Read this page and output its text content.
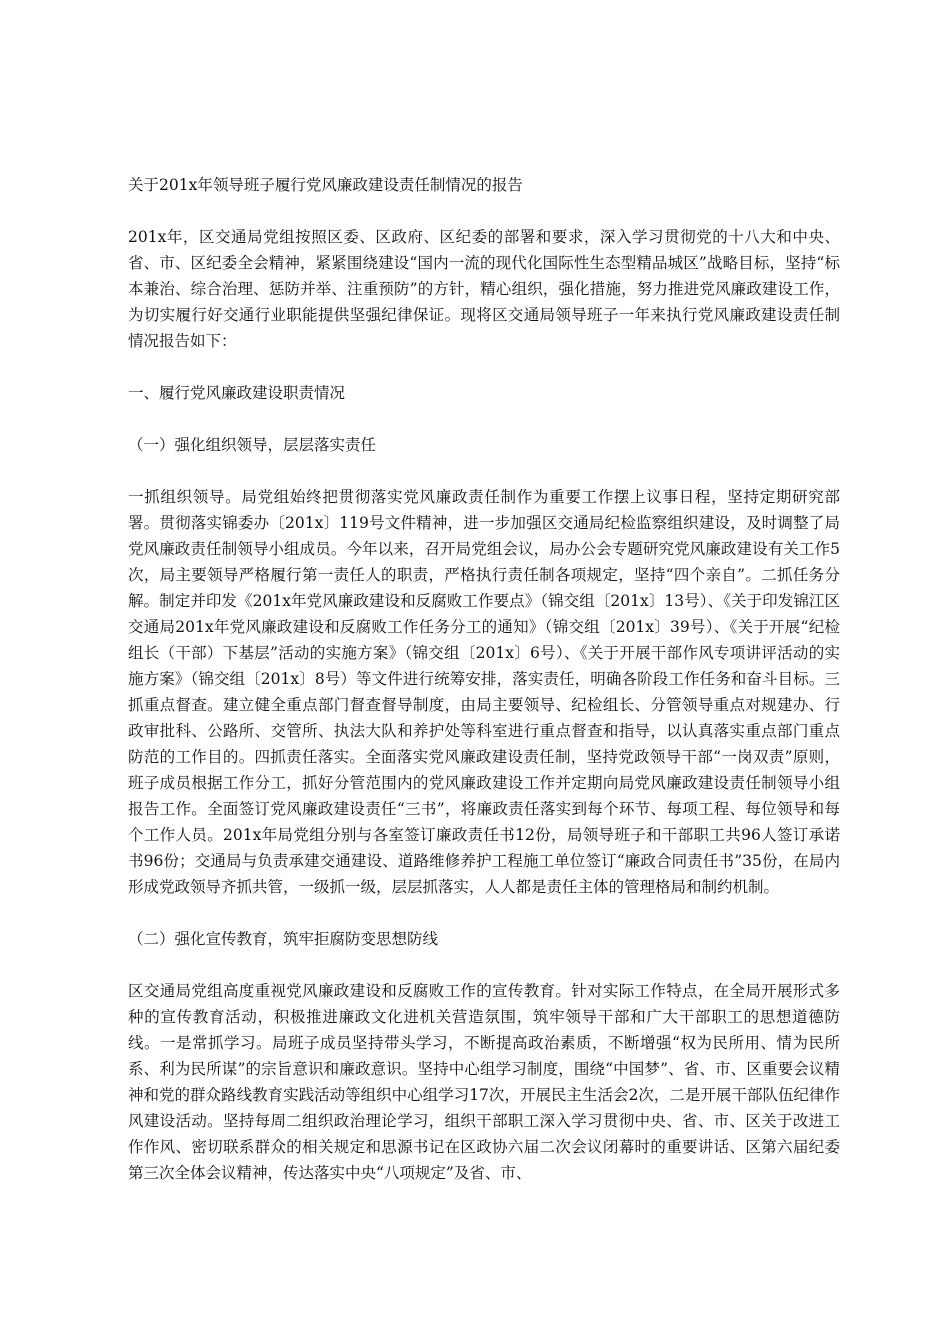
关于201x年领导班子履行党风廉政建设责任制情况的报告

201x年，区交通局党组按照区委、区政府、区纪委的部署和要求，深入学习贯彻党的十八大和中央、省、市、区纪委全会精神，紧紧围绕建设“国内一流的现代化国际性生态型精品城区”战略目标，坚持“标本兼治、综合治理、惩防并举、注重预防”的方针，精心组织，强化措施，努力推进党风廉政建设工作，为切实履行好交通行业职能提供坚强纪律保证。现将区交通局领导班子一年来执行党风廉政建设责任制情况报告如下：

一、履行党风廉政建设职责情况

（一）强化组织领导，层层落实责任

一抓组织领导。局党组始终把贯彻落实党风廉政责任制作为重要工作摆上议事日程，坚持定期研究部署。贯彻落实锦委办〔201x〕119号文件精神，进一步加强区交通局纪检监察组织建设，及时调整了局党风廉政责任制领导小组成员。今年以来，召开局党组会议，局办公会专题研究党风廉政建设有关工作5次，局主要领导严格履行第一责任人的职责，严格执行责任制各项规定，坚持“四个亲自”。二抓任务分解。制定并印发《201x年党风廉政建设和反腐败工作要点》（锦交组〔201x〕13号）、《关于印发锦江区交通局201x年党风廉政建设和反腐败工作任务分工的通知》（锦交组〔201x〕39号）、《关于开展“纪检组长（干部）下基层”活动的实施方案》（锦交组〔201x〕6号）、《关于开展干部作风专项讲评活动的实施方案》（锦交组〔201x〕8号）等文件进行统筹安排，落实责任，明确各阶段工作任务和奋斗目标。三抓重点督查。建立健全重点部门督查督导制度，由局主要领导、纪检组长、分管领导重点对规建办、行政审批科、公路所、交管所、执法大队和养护处等科室进行重点督查和指导，以认真落实重点部门重点防范的工作目的。四抓责任落实。全面落实党风廉政建设责任制，坚持党政领导干部“一岗双责”原则，班子成员根据工作分工，抓好分管范围内的党风廉政建设工作并定期向局党风廉政建设责任制领导小组报告工作。全面签订党风廉政建设责任“三书”，将廉政责任落实到每个环节、每项工程、每位领导和每个工作人员。201x年局党组分别与各室签订廉政责任书12份，局领导班子和干部职工共96人签订承诺书96份；交通局与负责承建交通建设、道路维修养护工程施工单位签订“廉政合同责任书”35份，在局内形成党政领导齐抓共管，一级抓一级，层层抓落实，人人都是责任主体的管理格局和制约机制。

（二）强化宣传教育，筑牢拒腐防变思想防线

区交通局党组高度重视党风廉政建设和反腐败工作的宣传教育。针对实际工作特点，在全局开展形式多种的宣传教育活动，积极推进廉政文化进机关营造氛围，筑牢领导干部和广大干部职工的思想道德防线。一是常抓学习。局班子成员坚持带头学习，不断提高政治素质，不断增强“权为民所用、情为民所系、利为民所谋”的宗旨意识和廉政意识。坚持中心组学习制度，围绕“中国梦”、省、市、区重要会议精神和党的群众路线教育实践活动等组织中心组学习17次，开展民主生活会2次，二是开展干部队伍纪律作风建设活动。坚持每周二组织政治理论学习，组织干部职工深入学习贯彻中央、省、市、区关于改进工作作风、密切联系群众的相关规定和思源书记在区政协六届二次会议闭幕时的重要讲话、区第六届纪委第三次全体会议精神，传达落实中央“八项规定”及省、市、
